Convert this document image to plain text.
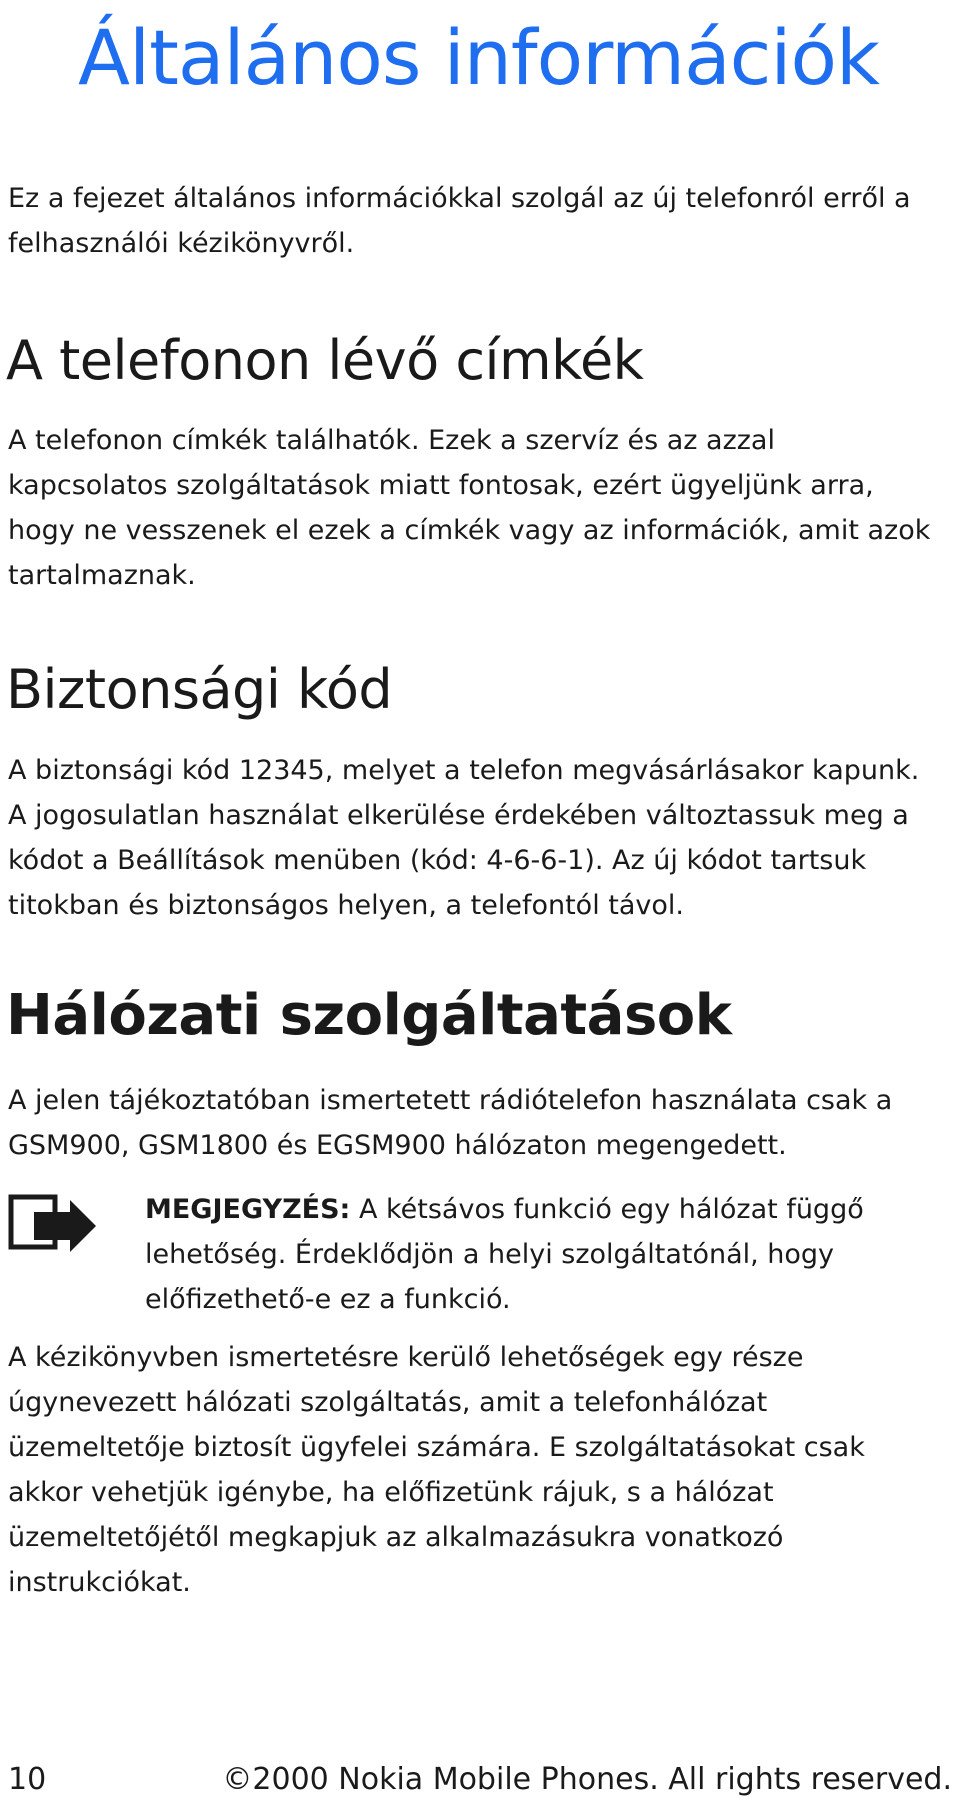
Általános információk

Ez a fejezet általános információkkal szolgál az új telefonról erről a felhasználói kézikönyvről.

A telefonon lévő címkék

A telefonon címkék találhatók. Ezek a szervíz és az azzal kapcsolatos szolgáltatások miatt fontosak, ezért ügyeljünk arra, hogy ne vesszenek el ezek a címkék vagy az információk, amit azok tartalmaznak.

Biztonsági kód

A biztonsági kód 12345, melyet a telefon megvásárlásakor kapunk. A jogosulatlan használat elkerülése érdekében változtassuk meg a kódot a Beállítások menüben (kód: 4-6-6-1). Az új kódot tartsuk titokban és biztonságos helyen, a telefontól távol.

Hálózati szolgáltatások

A jelen tájékoztatóban ismertetett rádiótelefon használata csak a GSM900, GSM1800 és EGSM900 hálózaton megengedett.

MEGJEGYZÉS: A kétsávos funkció egy hálózat függő lehetőség. Érdeklődjön a helyi szolgáltatónál, hogy előfizethető-e ez a funkció.

A kézikönyvben ismertetésre kerülő lehetőségek egy része úgynevezett hálózati szolgáltatás, amit a telefonhálózat üzemeltetője biztosít ügyfelei számára. E szolgáltatásokat csak akkor vehetjük igénybe, ha előfizetünk rájuk, s a hálózat üzemeltetőjétől megkapjuk az alkalmazásukra vonatkozó instrukciókat.

10	©2000 Nokia Mobile Phones. All rights reserved.
